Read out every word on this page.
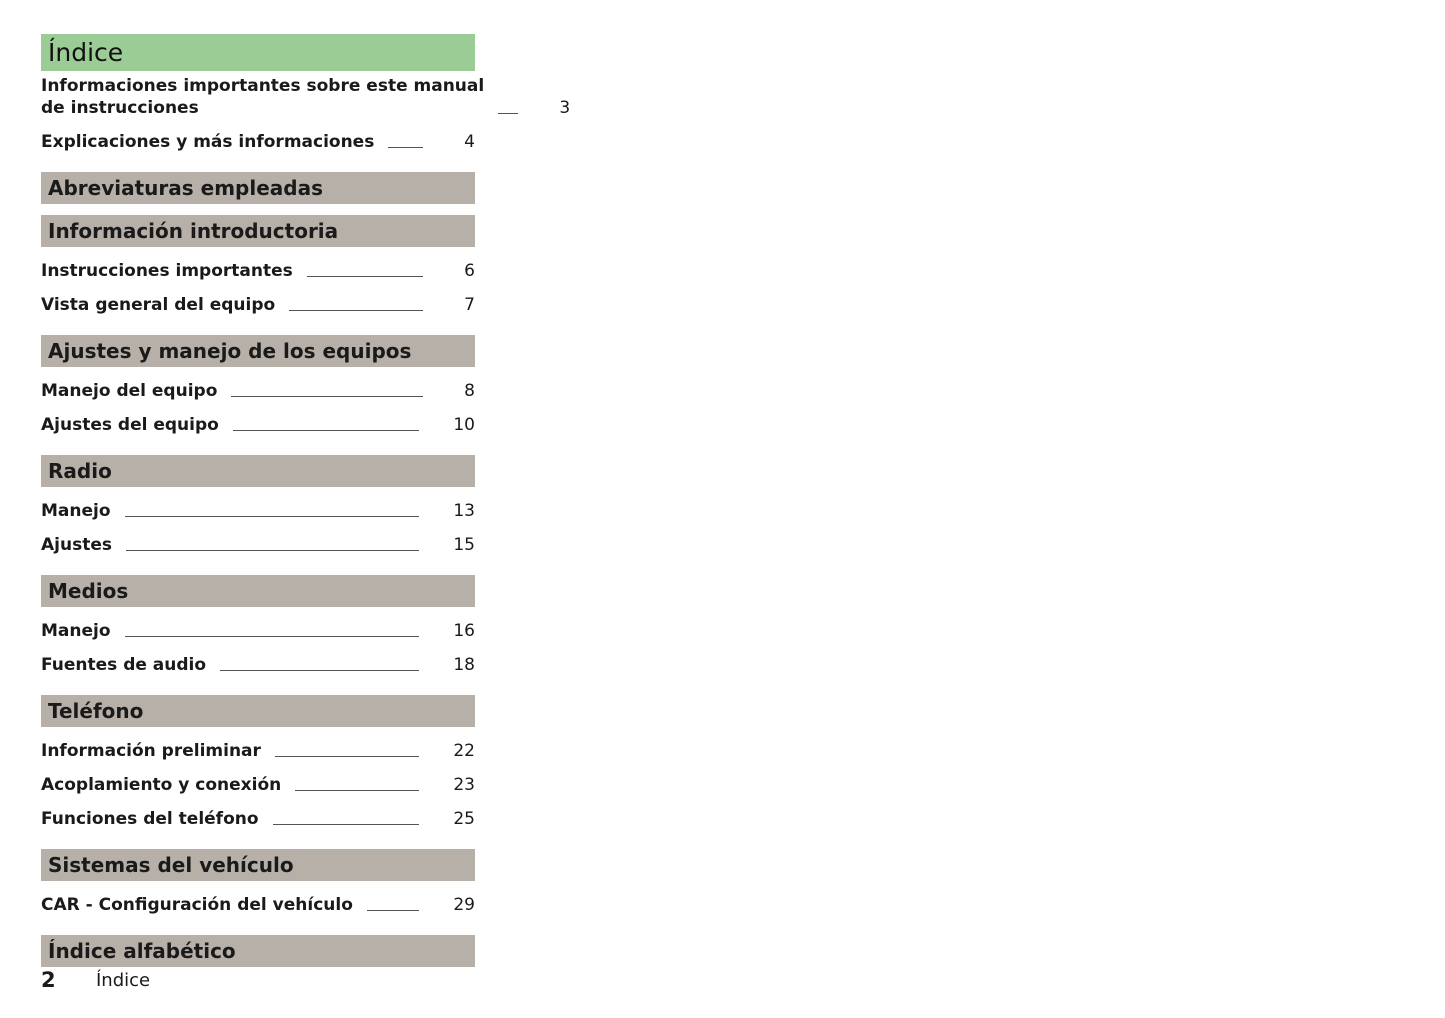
Índice
Informaciones importantes sobre este manual
de instrucciones	3
Explicaciones y más informaciones	4
Abreviaturas empleadas
Información introductoria
Instrucciones importantes	6
Vista general del equipo	7
Ajustes y manejo de los equipos
Manejo del equipo	8
Ajustes del equipo	10
Radio
Manejo	13
Ajustes	15
Medios
Manejo	16
Fuentes de audio	18
Teléfono
Información preliminar	22
Acoplamiento y conexión	23
Funciones del teléfono	25
Sistemas del vehículo
CAR - Configuración del vehículo	29
Índice alfabético
2	Índice
